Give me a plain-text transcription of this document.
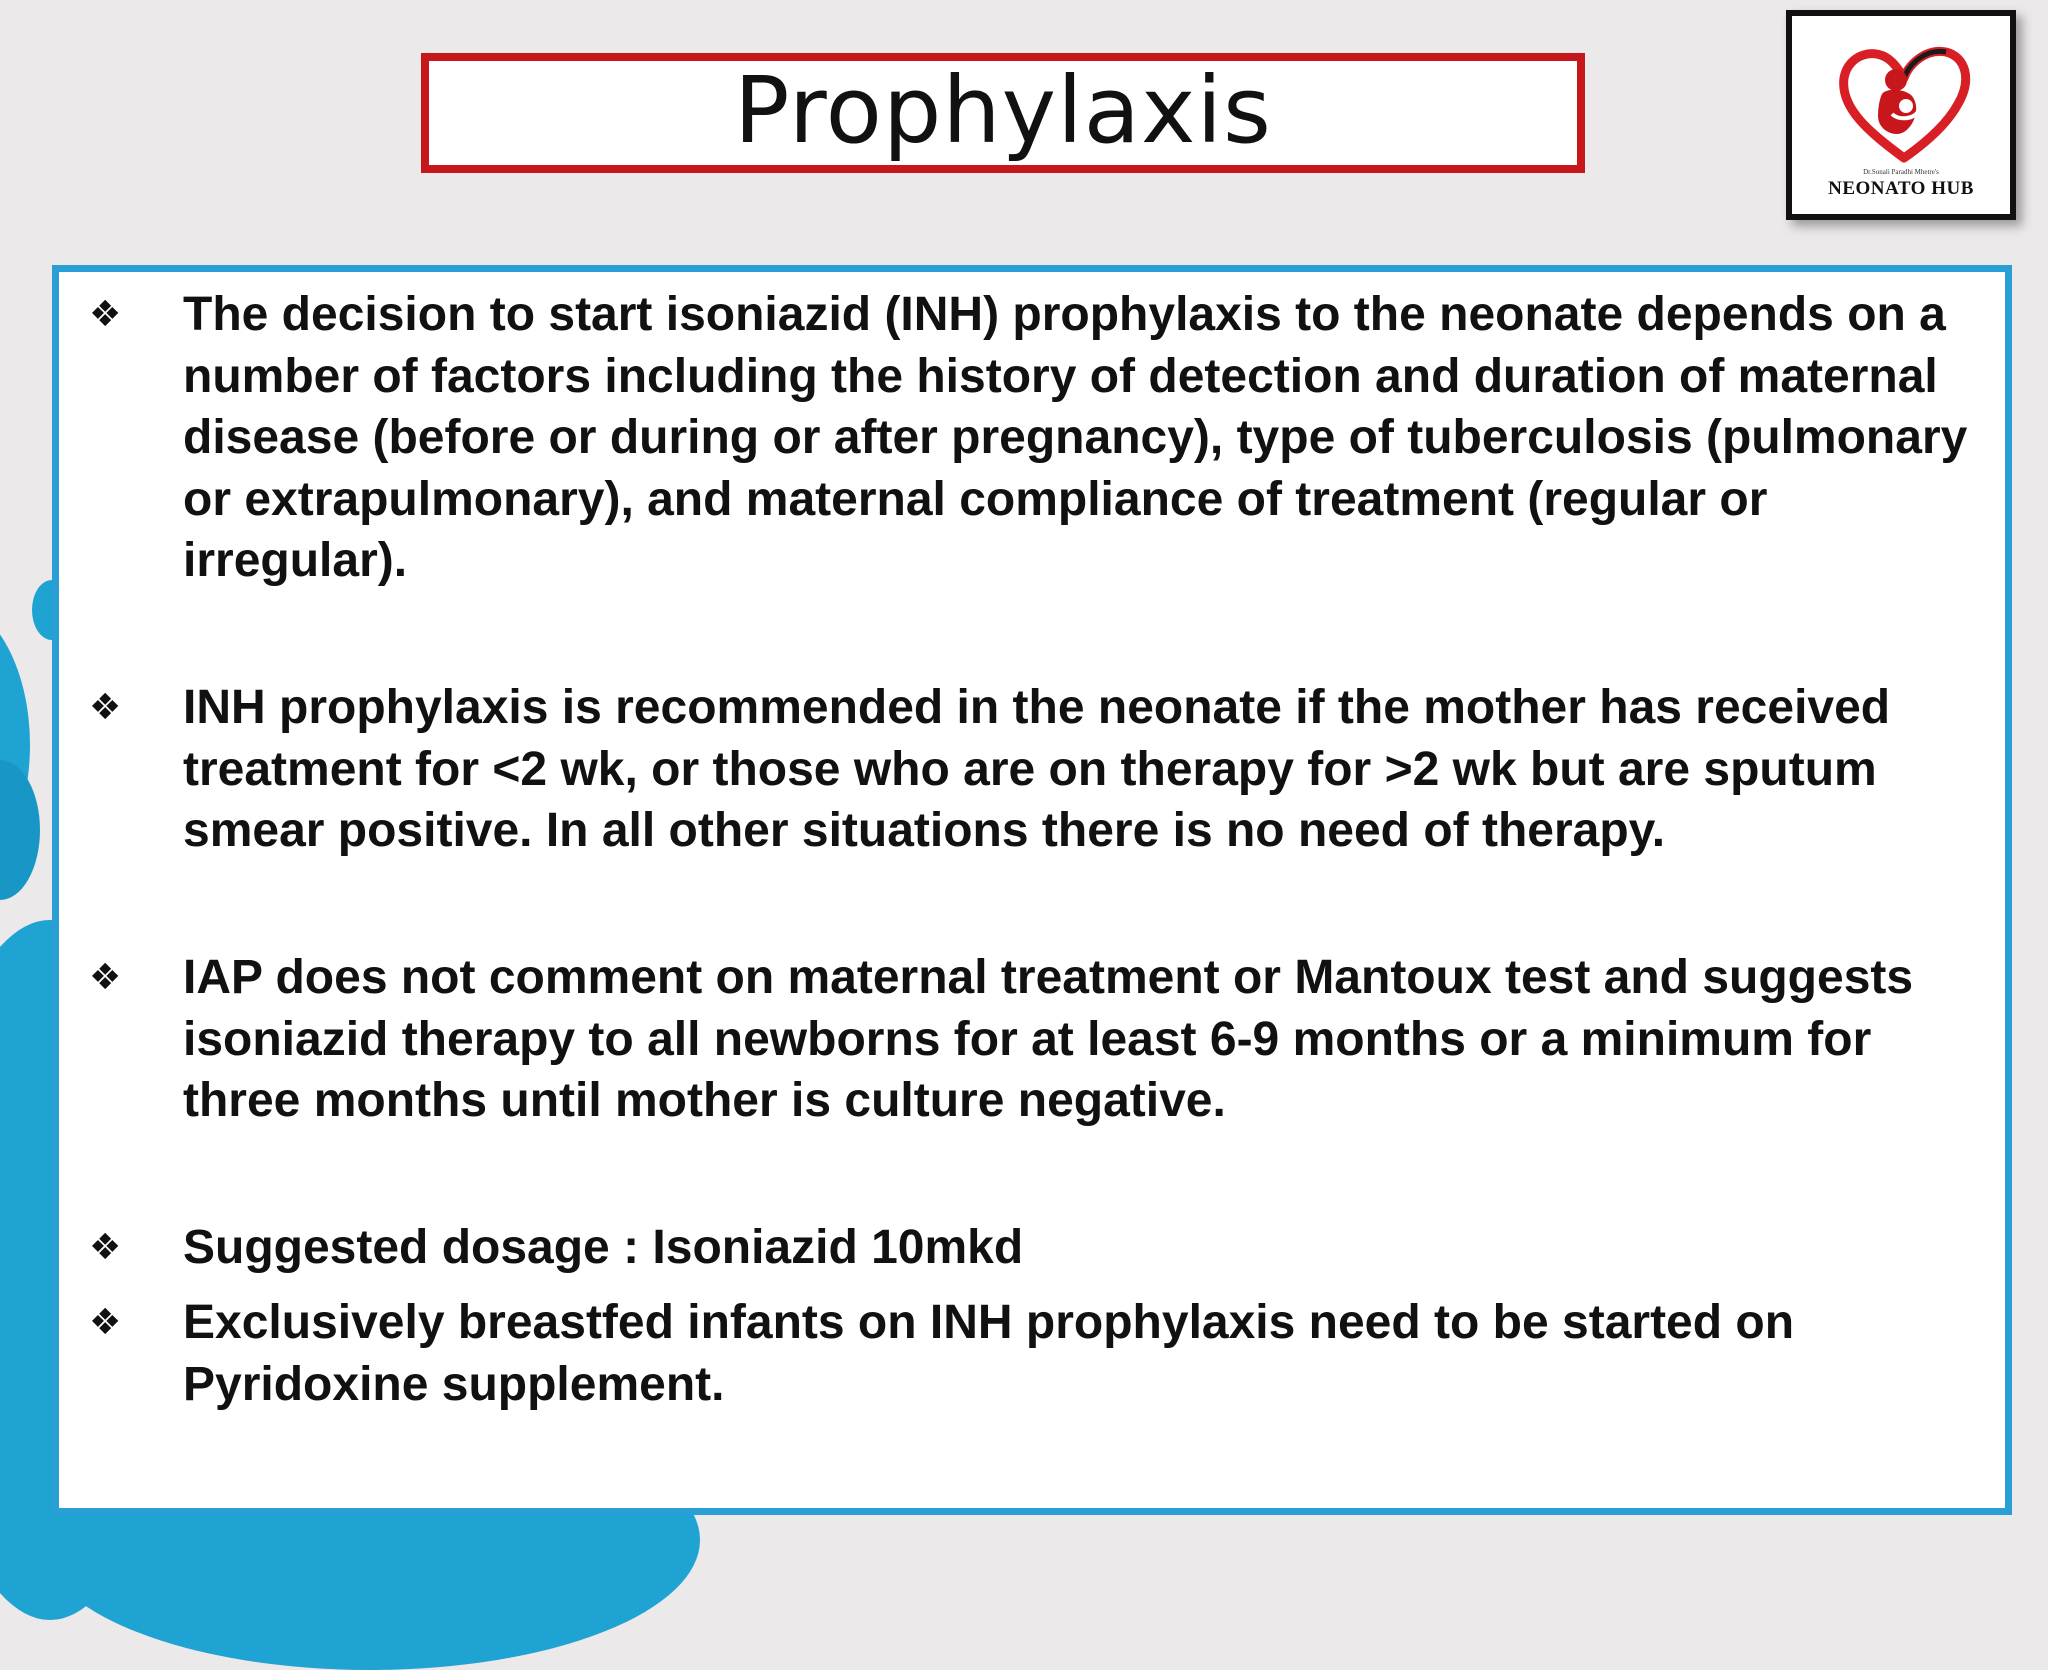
Prophylaxis
Dr.Sonali Paradhi Mhetre's
NEONATO HUB
❖	The decision to start isoniazid (INH) prophylaxis to the neonate depends on a number of factors including the history of detection and duration of maternal disease (before or during or after pregnancy), type of tuberculosis (pulmonary or extrapulmonary), and maternal compliance of treatment (regular or irregular).
❖	INH prophylaxis is recommended in the neonate if the mother has received treatment for <2 wk, or those who are on therapy for >2 wk but are sputum smear positive. In all other situations there is no need of therapy.
❖	IAP does not comment on maternal treatment or Mantoux test and suggests isoniazid therapy to all newborns for at least 6-9 months or a minimum for three months until mother is culture negative.
❖	Suggested dosage : Isoniazid 10mkd
❖	Exclusively breastfed infants on INH prophylaxis need to be started on Pyridoxine supplement.
